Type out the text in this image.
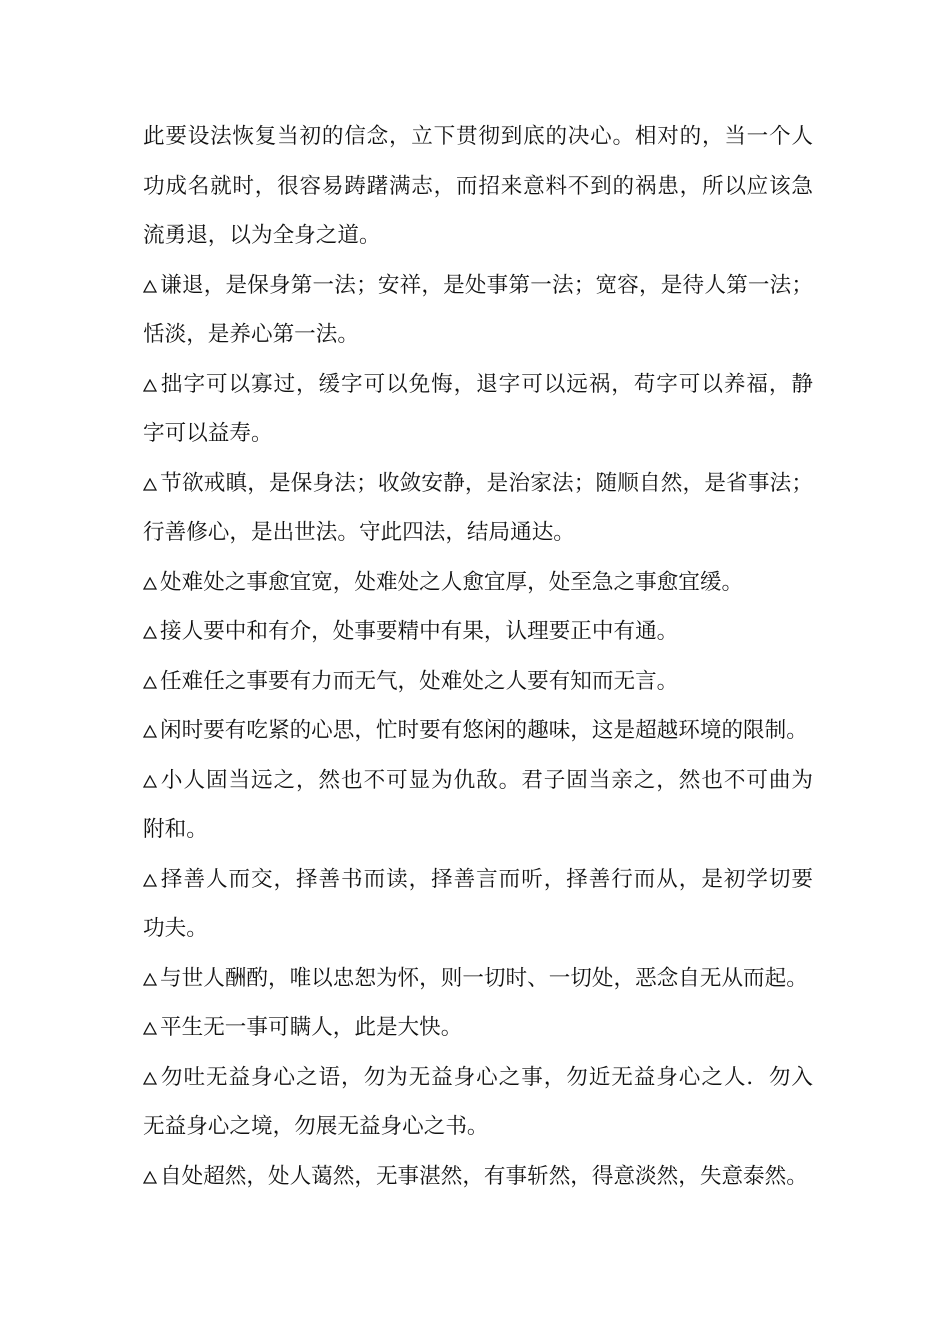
此要设法恢复当初的信念，立下贯彻到底的决心。相对的，当一个人
功成名就时，很容易踌躇满志，而招来意料不到的祸患，所以应该急
流勇退，以为全身之道。
谦退，是保身第一法；安祥，是处事第一法；宽容，是待人第一法；
恬淡，是养心第一法。
拙字可以寡过，缓字可以免悔，退字可以远祸，苟字可以养福，静
字可以益寿。
节欲戒瞋，是保身法；收敛安静，是治家法；随顺自然，是省事法；
行善修心，是出世法。守此四法，结局通达。
处难处之事愈宜宽，处难处之人愈宜厚，处至急之事愈宜缓。
接人要中和有介，处事要精中有果，认理要正中有通。
任难任之事要有力而无气，处难处之人要有知而无言。
闲时要有吃紧的心思，忙时要有悠闲的趣味，这是超越环境的限制。
小人固当远之，然也不可显为仇敌。君子固当亲之，然也不可曲为
附和。
择善人而交，择善书而读，择善言而听，择善行而从，是初学切要
功夫。
与世人酬酌，唯以忠恕为怀，则一切时、一切处，恶念自无从而起。
平生无一事可瞒人，此是大快。
勿吐无益身心之语，勿为无益身心之事，勿近无益身心之人．勿入
无益身心之境，勿展无益身心之书。
自处超然，处人蔼然，无事湛然，有事斩然，得意淡然，失意泰然。
